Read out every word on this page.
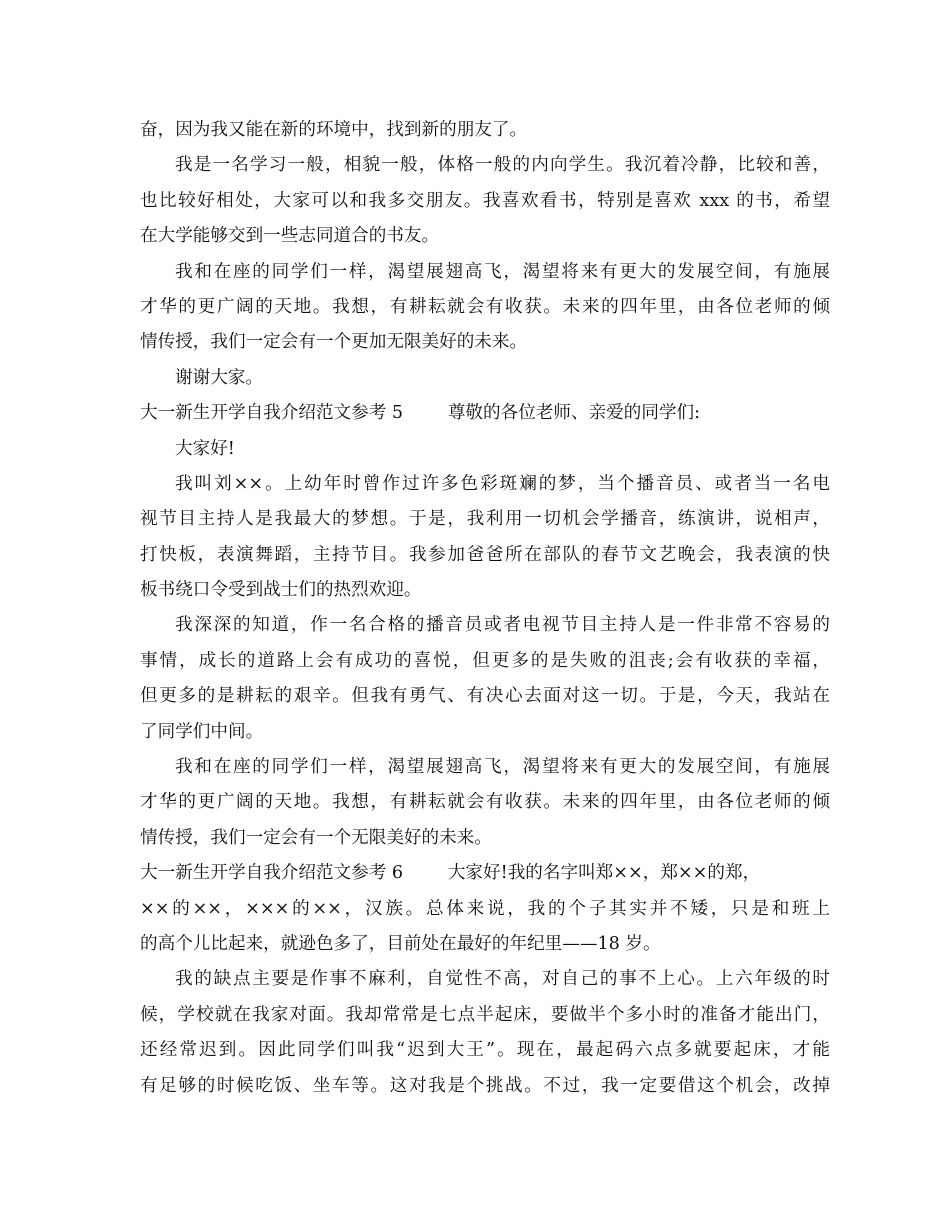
奋，因为我又能在新的环境中，找到新的朋友了。

我是一名学习一般，相貌一般，体格一般的内向学生。我沉着冷静，比较和善，

也比较好相处，大家可以和我多交朋友。我喜欢看书，特别是喜欢 xxx 的书，希望

在大学能够交到一些志同道合的书友。

我和在座的同学们一样，渴望展翅高飞，渴望将来有更大的发展空间，有施展

才华的更广阔的天地。我想，有耕耘就会有收获。未来的四年里，由各位老师的倾

情传授，我们一定会有一个更加无限美好的未来。

谢谢大家。

大一新生开学自我介绍范文参考 5        尊敬的各位老师、亲爱的同学们:

大家好!

我叫刘××。上幼年时曾作过许多色彩斑斓的梦，当个播音员、或者当一名电

视节目主持人是我最大的梦想。于是，我利用一切机会学播音，练演讲，说相声，

打快板，表演舞蹈，主持节目。我参加爸爸所在部队的春节文艺晚会，我表演的快

板书绕口令受到战士们的热烈欢迎。

我深深的知道，作一名合格的播音员或者电视节目主持人是一件非常不容易的

事情，成长的道路上会有成功的喜悦，但更多的是失败的沮丧;会有收获的幸福，

但更多的是耕耘的艰辛。但我有勇气、有决心去面对这一切。于是，今天，我站在

了同学们中间。

我和在座的同学们一样，渴望展翅高飞，渴望将来有更大的发展空间，有施展

才华的更广阔的天地。我想，有耕耘就会有收获。未来的四年里，由各位老师的倾

情传授，我们一定会有一个无限美好的未来。

大一新生开学自我介绍范文参考 6        大家好!我的名字叫郑××，郑××的郑，

××的××，×××的××，汉族。总体来说，我的个子其实并不矮，只是和班上

的高个儿比起来，就逊色多了，目前处在最好的年纪里——18 岁。

我的缺点主要是作事不麻利，自觉性不高，对自己的事不上心。上六年级的时

候，学校就在我家对面。我却常常是七点半起床，要做半个多小时的准备才能出门，

还经常迟到。因此同学们叫我“迟到大王”。现在，最起码六点多就要起床，才能

有足够的时候吃饭、坐车等。这对我是个挑战。不过，我一定要借这个机会，改掉
